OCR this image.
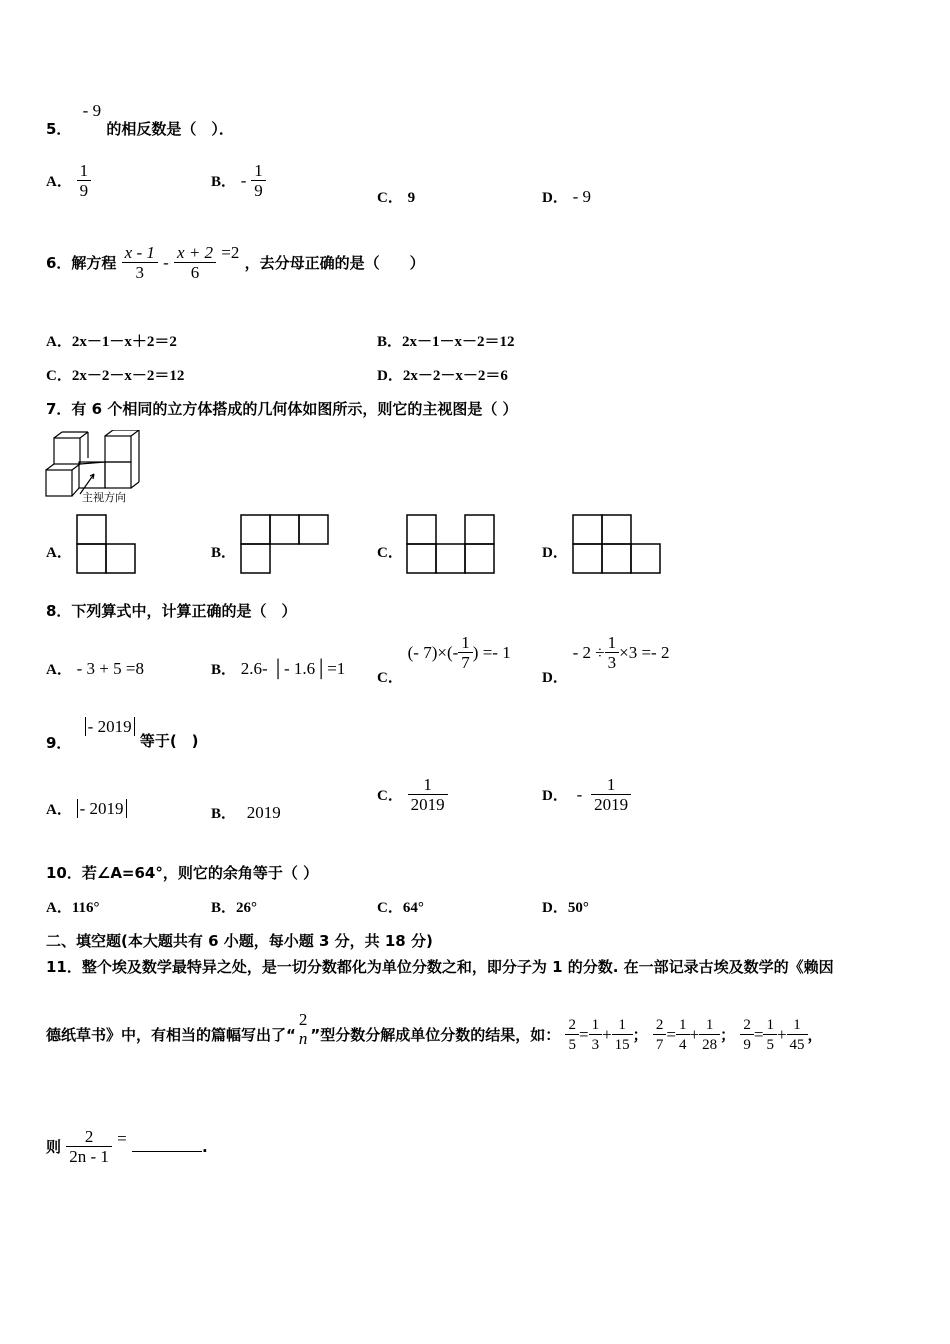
5． - 9 的相反数是（　）．
A． $\frac{1}{9}$	B． - $\frac{1}{9}$	C． 9	D． - 9
6．解方程 $\frac{x - 1}{3} - \frac{x + 2}{6} =2$ ，去分母正确的是（　　）
A．2x－1－x＋2＝2	B．2x－1－x－2＝12
C．2x－2－x－2＝12	D．2x－2－x－2＝6
7．有 6 个相同的立方体搭成的几何体如图所示，则它的主视图是（ ）
主视方向
A．	B．	C．	D．
8．下列算式中，计算正确的是（　）
A． - 3 + 5 =8	B． 2.6- │- 1.6│=1 C． (- $7)\times(- \frac{1}{7}$ ) =- 1
D． - $2 \div \frac{1}{3} \times 3 =- 2$
9． - 2019 等于(　)
A． - 2019	B． 2019
C． $\frac{1}{2019}$	D． - $\frac{1}{2019}$
10．若∠A=64°，则它的余角等于（ ）
A．116°	B．26°	C．64°	D．50°
二、填空题(本大题共有 6 小题，每小题 3 分，共 18 分)
11．整个埃及数学最特异之处，是一切分数都化为单位分数之和，即分子为 1 的分数. 在一部记录古埃及数学的《赖因
德纸草书》中，有相当的篇幅写出了“
2
n ”型分数分解成单位分数的结果，如： $\frac{2}{5} = \frac{1}{3} + \frac{1}{15}$ ； $\frac{2}{7} = \frac{1}{4} + \frac{1}{28}$ ； $\frac{2}{9} = \frac{1}{5} + \frac{1}{45}$ ，
则 $\frac{2}{2n - 1}$ =	.
